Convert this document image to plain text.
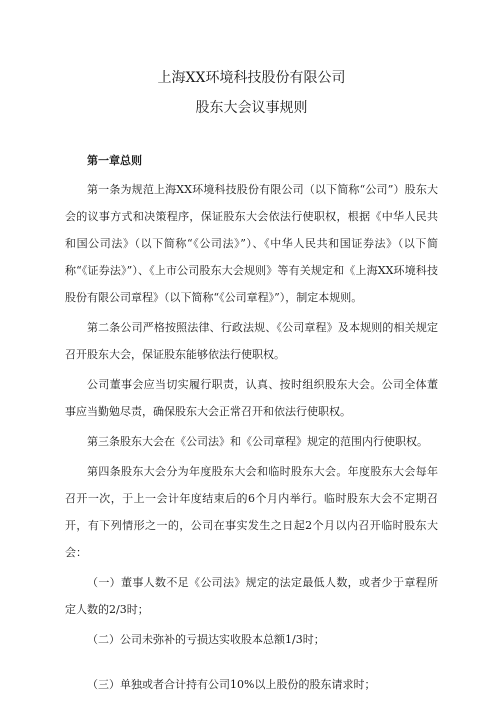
上海XX环境科技股份有限公司
股东大会议事规则
第一章总则

第一条为规范上海XX环境科技股份有限公司（以下简称“公司”）股东大会的议事方式和决策程序，保证股东大会依法行使职权，根据《中华人民共和国公司法》（以下简称“《公司法》”）、《中华人民共和国证券法》（以下简称“《证券法》”）、《上市公司股东大会规则》等有关规定和《上海XX环境科技股份有限公司章程》（以下简称“《公司章程》”），制定本规则。

第二条公司严格按照法律、行政法规、《公司章程》及本规则的相关规定召开股东大会，保证股东能够依法行使职权。

公司董事会应当切实履行职责，认真、按时组织股东大会。公司全体董事应当勤勉尽责，确保股东大会正常召开和依法行使职权。

第三条股东大会在《公司法》和《公司章程》规定的范围内行使职权。

第四条股东大会分为年度股东大会和临时股东大会。年度股东大会每年召开一次，于上一会计年度结束后的6个月内举行。临时股东大会不定期召开，有下列情形之一的，公司在事实发生之日起2个月以内召开临时股东大会：

（一）董事人数不足《公司法》规定的法定最低人数，或者少于章程所定人数的2/3时；

（二）公司未弥补的亏损达实收股本总额1/3时；

（三）单独或者合计持有公司10%以上股份的股东请求时；
